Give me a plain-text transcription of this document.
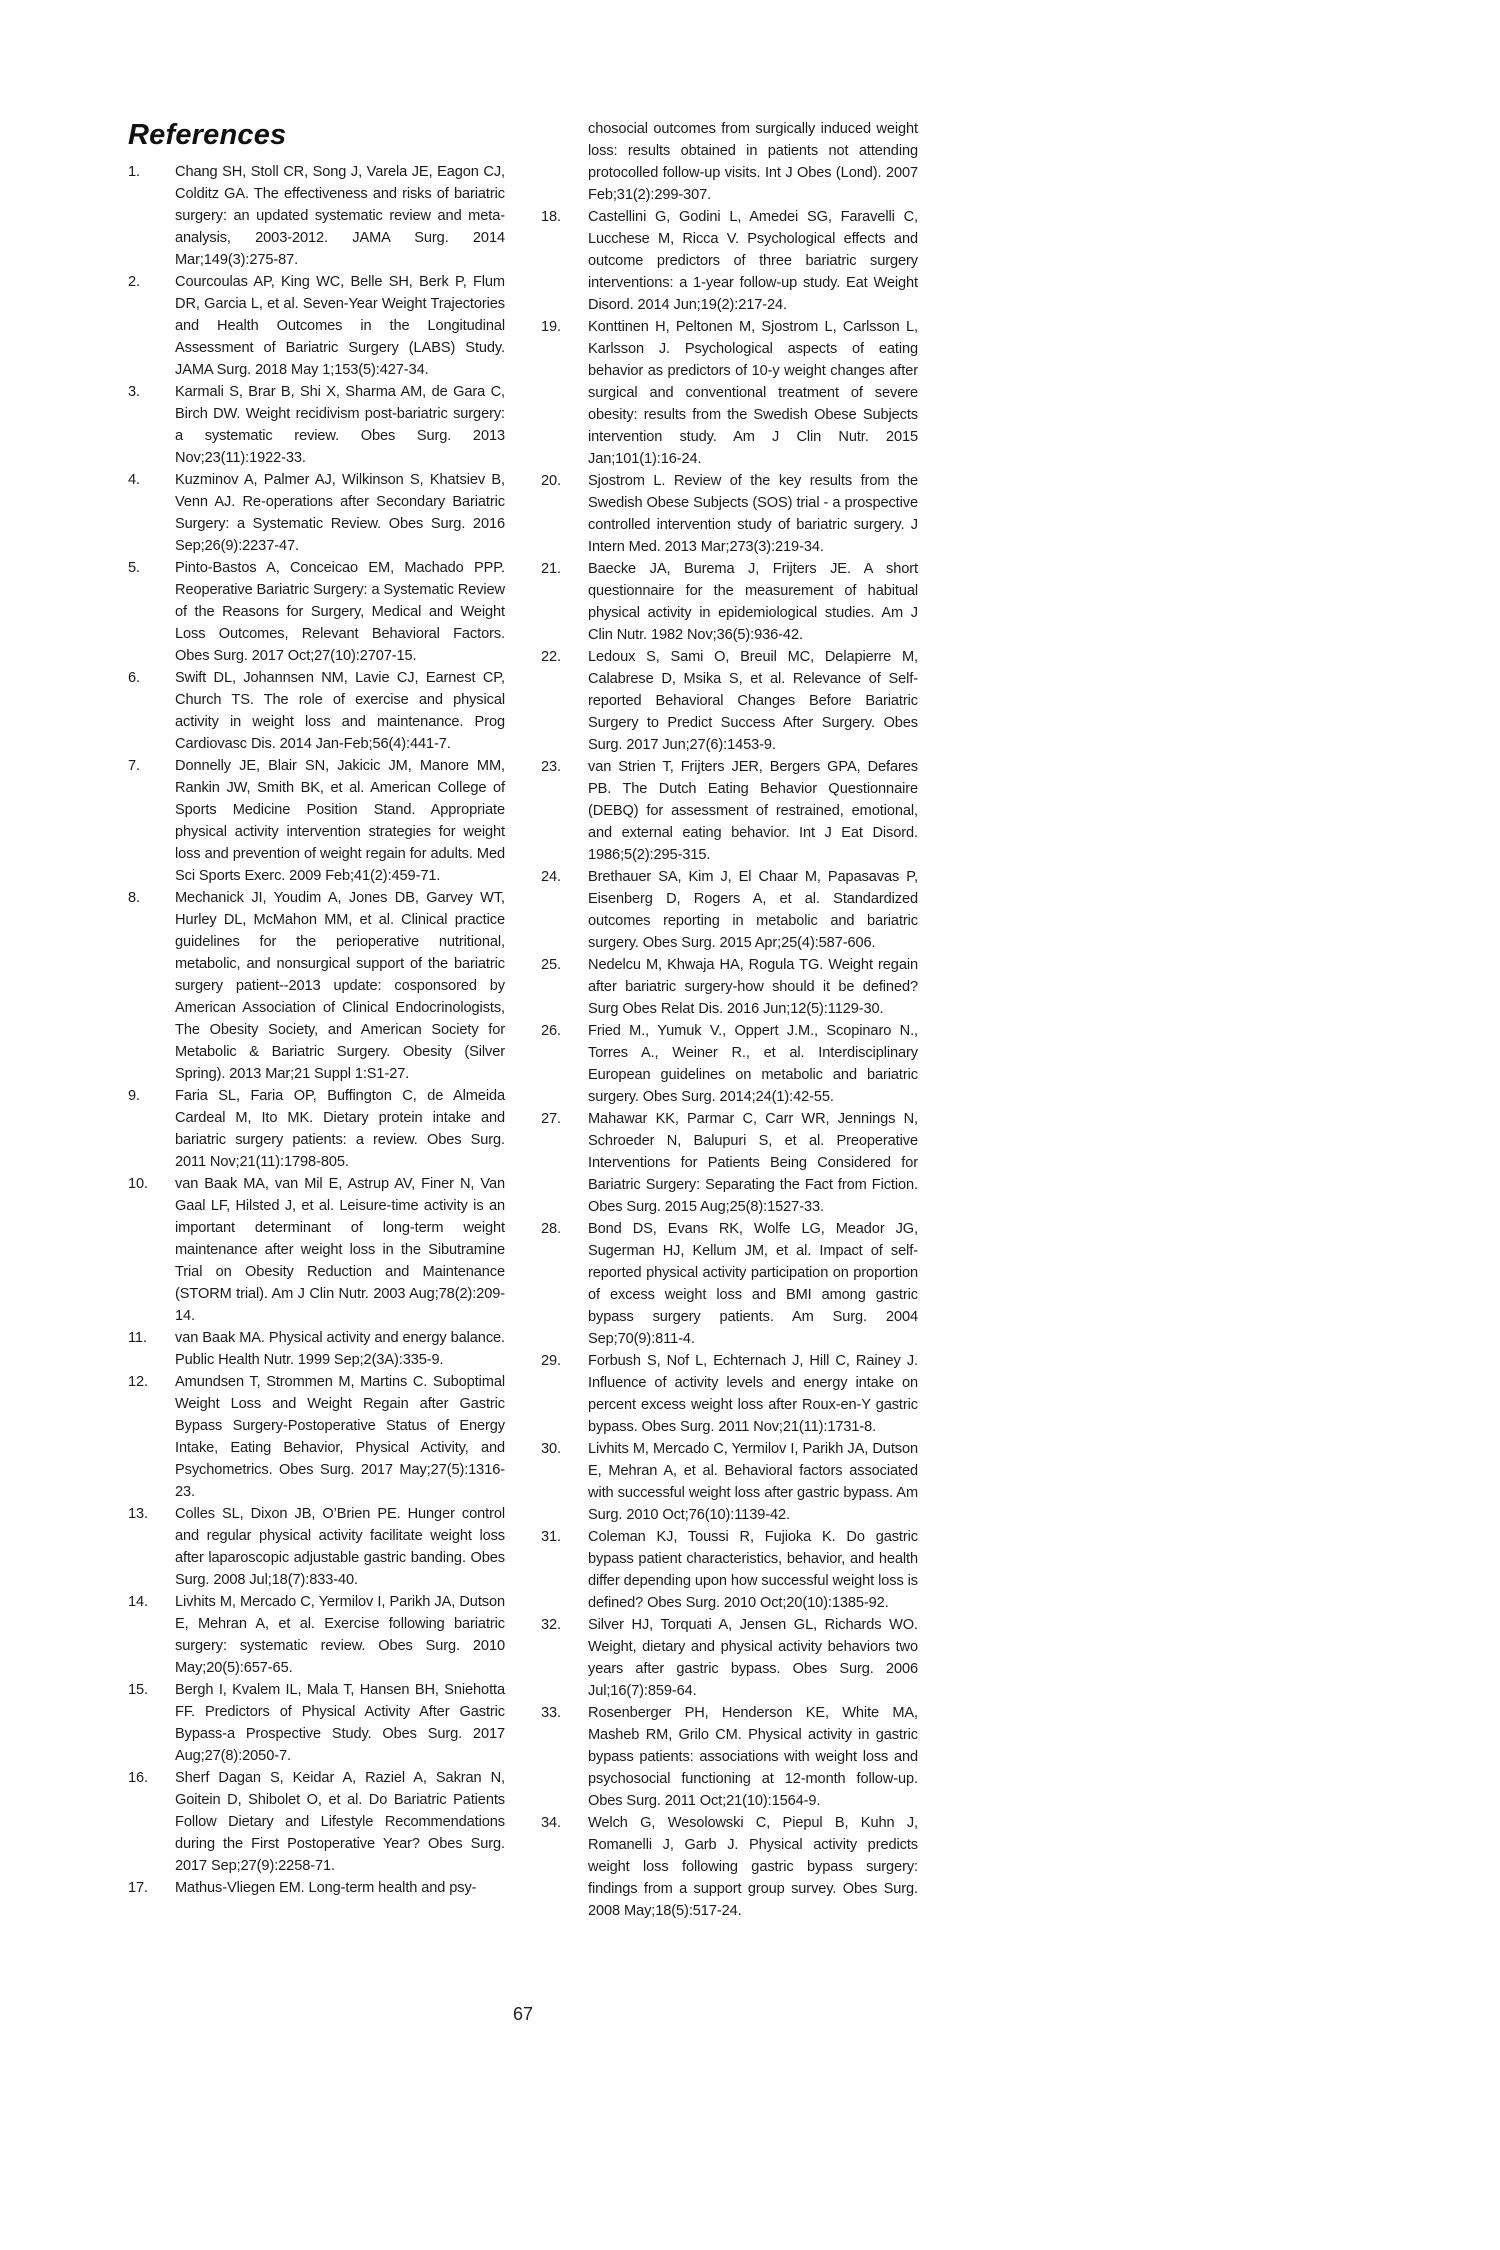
References
1.	Chang SH, Stoll CR, Song J, Varela JE, Eagon CJ, Colditz GA. The effectiveness and risks of bariatric surgery: an updated systematic review and meta-analysis, 2003-2012. JAMA Surg. 2014 Mar;149(3):275-87.
2.	Courcoulas AP, King WC, Belle SH, Berk P, Flum DR, Garcia L, et al. Seven-Year Weight Trajectories and Health Outcomes in the Longitudinal Assessment of Bariatric Surgery (LABS) Study. JAMA Surg. 2018 May 1;153(5):427-34.
3.	Karmali S, Brar B, Shi X, Sharma AM, de Gara C, Birch DW. Weight recidivism post-bariatric surgery: a systematic review. Obes Surg. 2013 Nov;23(11):1922-33.
4.	Kuzminov A, Palmer AJ, Wilkinson S, Khatsiev B, Venn AJ. Re-operations after Secondary Bariatric Surgery: a Systematic Review. Obes Surg. 2016 Sep;26(9):2237-47.
5.	Pinto-Bastos A, Conceicao EM, Machado PPP. Reoperative Bariatric Surgery: a Systematic Review of the Reasons for Surgery, Medical and Weight Loss Outcomes, Relevant Behavioral Factors. Obes Surg. 2017 Oct;27(10):2707-15.
6.	Swift DL, Johannsen NM, Lavie CJ, Earnest CP, Church TS. The role of exercise and physical activity in weight loss and maintenance. Prog Cardiovasc Dis. 2014 Jan-Feb;56(4):441-7.
7.	Donnelly JE, Blair SN, Jakicic JM, Manore MM, Rankin JW, Smith BK, et al. American College of Sports Medicine Position Stand. Appropriate physical activity intervention strategies for weight loss and prevention of weight regain for adults. Med Sci Sports Exerc. 2009 Feb;41(2):459-71.
8.	Mechanick JI, Youdim A, Jones DB, Garvey WT, Hurley DL, McMahon MM, et al. Clinical practice guidelines for the perioperative nutritional, metabolic, and nonsurgical support of the bariatric surgery patient--2013 update: cosponsored by American Association of Clinical Endocrinologists, The Obesity Society, and American Society for Metabolic & Bariatric Surgery. Obesity (Silver Spring). 2013 Mar;21 Suppl 1:S1-27.
9.	Faria SL, Faria OP, Buffington C, de Almeida Cardeal M, Ito MK. Dietary protein intake and bariatric surgery patients: a review. Obes Surg. 2011 Nov;21(11):1798-805.
10.	van Baak MA, van Mil E, Astrup AV, Finer N, Van Gaal LF, Hilsted J, et al. Leisure-time activity is an important determinant of long-term weight maintenance after weight loss in the Sibutramine Trial on Obesity Reduction and Maintenance (STORM trial). Am J Clin Nutr. 2003 Aug;78(2):209-14.
11.	van Baak MA. Physical activity and energy balance. Public Health Nutr. 1999 Sep;2(3A):335-9.
12.	Amundsen T, Strommen M, Martins C. Suboptimal Weight Loss and Weight Regain after Gastric Bypass Surgery-Postoperative Status of Energy Intake, Eating Behavior, Physical Activity, and Psychometrics. Obes Surg. 2017 May;27(5):1316-23.
13.	Colles SL, Dixon JB, O’Brien PE. Hunger control and regular physical activity facilitate weight loss after laparoscopic adjustable gastric banding. Obes Surg. 2008 Jul;18(7):833-40.
14.	Livhits M, Mercado C, Yermilov I, Parikh JA, Dutson E, Mehran A, et al. Exercise following bariatric surgery: systematic review. Obes Surg. 2010 May;20(5):657-65.
15.	Bergh I, Kvalem IL, Mala T, Hansen BH, Sniehotta FF. Predictors of Physical Activity After Gastric Bypass-a Prospective Study. Obes Surg. 2017 Aug;27(8):2050-7.
16.	Sherf Dagan S, Keidar A, Raziel A, Sakran N, Goitein D, Shibolet O, et al. Do Bariatric Patients Follow Dietary and Lifestyle Recommendations during the First Postoperative Year? Obes Surg. 2017 Sep;27(9):2258-71.
17.	Mathus-Vliegen EM. Long-term health and psy-
chosocial outcomes from surgically induced weight loss: results obtained in patients not attending protocolled follow-up visits. Int J Obes (Lond). 2007 Feb;31(2):299-307.
18.	Castellini G, Godini L, Amedei SG, Faravelli C, Lucchese M, Ricca V. Psychological effects and outcome predictors of three bariatric surgery interventions: a 1-year follow-up study. Eat Weight Disord. 2014 Jun;19(2):217-24.
19.	Konttinen H, Peltonen M, Sjostrom L, Carlsson L, Karlsson J. Psychological aspects of eating behavior as predictors of 10-y weight changes after surgical and conventional treatment of severe obesity: results from the Swedish Obese Subjects intervention study. Am J Clin Nutr. 2015 Jan;101(1):16-24.
20.	Sjostrom L. Review of the key results from the Swedish Obese Subjects (SOS) trial - a prospective controlled intervention study of bariatric surgery. J Intern Med. 2013 Mar;273(3):219-34.
21.	Baecke JA, Burema J, Frijters JE. A short questionnaire for the measurement of habitual physical activity in epidemiological studies. Am J Clin Nutr. 1982 Nov;36(5):936-42.
22.	Ledoux S, Sami O, Breuil MC, Delapierre M, Calabrese D, Msika S, et al. Relevance of Self-reported Behavioral Changes Before Bariatric Surgery to Predict Success After Surgery. Obes Surg. 2017 Jun;27(6):1453-9.
23.	van Strien T, Frijters JER, Bergers GPA, Defares PB. The Dutch Eating Behavior Questionnaire (DEBQ) for assessment of restrained, emotional, and external eating behavior. Int J Eat Disord. 1986;5(2):295-315.
24.	Brethauer SA, Kim J, El Chaar M, Papasavas P, Eisenberg D, Rogers A, et al. Standardized outcomes reporting in metabolic and bariatric surgery. Obes Surg. 2015 Apr;25(4):587-606.
25.	Nedelcu M, Khwaja HA, Rogula TG. Weight regain after bariatric surgery-how should it be defined? Surg Obes Relat Dis. 2016 Jun;12(5):1129-30.
26.	Fried M., Yumuk V., Oppert J.M., Scopinaro N., Torres A., Weiner R., et al. Interdisciplinary European guidelines on metabolic and bariatric surgery. Obes Surg. 2014;24(1):42-55.
27.	Mahawar KK, Parmar C, Carr WR, Jennings N, Schroeder N, Balupuri S, et al. Preoperative Interventions for Patients Being Considered for Bariatric Surgery: Separating the Fact from Fiction. Obes Surg. 2015 Aug;25(8):1527-33.
28.	Bond DS, Evans RK, Wolfe LG, Meador JG, Sugerman HJ, Kellum JM, et al. Impact of self-reported physical activity participation on proportion of excess weight loss and BMI among gastric bypass surgery patients. Am Surg. 2004 Sep;70(9):811-4.
29.	Forbush S, Nof L, Echternach J, Hill C, Rainey J. Influence of activity levels and energy intake on percent excess weight loss after Roux-en-Y gastric bypass. Obes Surg. 2011 Nov;21(11):1731-8.
30.	Livhits M, Mercado C, Yermilov I, Parikh JA, Dutson E, Mehran A, et al. Behavioral factors associated with successful weight loss after gastric bypass. Am Surg. 2010 Oct;76(10):1139-42.
31.	Coleman KJ, Toussi R, Fujioka K. Do gastric bypass patient characteristics, behavior, and health differ depending upon how successful weight loss is defined? Obes Surg. 2010 Oct;20(10):1385-92.
32.	Silver HJ, Torquati A, Jensen GL, Richards WO. Weight, dietary and physical activity behaviors two years after gastric bypass. Obes Surg. 2006 Jul;16(7):859-64.
33.	Rosenberger PH, Henderson KE, White MA, Masheb RM, Grilo CM. Physical activity in gastric bypass patients: associations with weight loss and psychosocial functioning at 12-month follow-up. Obes Surg. 2011 Oct;21(10):1564-9.
34.	Welch G, Wesolowski C, Piepul B, Kuhn J, Romanelli J, Garb J. Physical activity predicts weight loss following gastric bypass surgery: findings from a support group survey. Obes Surg. 2008 May;18(5):517-24.
67
